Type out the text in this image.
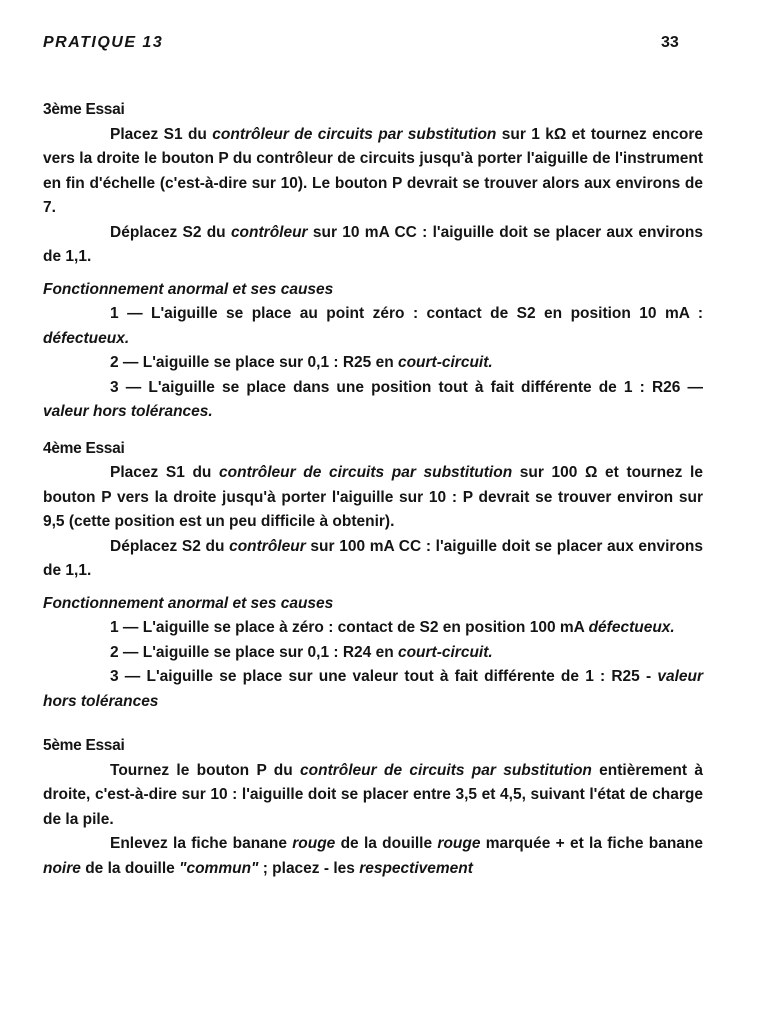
PRATIQUE 13	33
3ème Essai

Placez S1 du contrôleur de circuits par substitution sur 1 kΩ et tournez encore vers la droite le bouton P du contrôleur de circuits jusqu'à porter l'aiguille de l'instrument en fin d'échelle (c'est-à-dire sur 10). Le bouton P devrait se trouver alors aux environs de 7.

Déplacez S2 du contrôleur sur 10 mA CC : l'aiguille doit se placer aux environs de 1,1.

Fonctionnement anormal et ses causes

1 — L'aiguille se place au point zéro : contact de S2 en position 10 mA : défectueux.

2 — L'aiguille se place sur 0,1 : R25 en court-circuit.

3 — L'aiguille se place dans une position tout à fait différente de 1 : R26 — valeur hors tolérances.

4ème Essai

Placez S1 du contrôleur de circuits par substitution sur 100 Ω et tournez le bouton P vers la droite jusqu'à porter l'aiguille sur 10 : P devrait se trouver environ sur 9,5 (cette position est un peu difficile à obtenir).

Déplacez S2 du contrôleur sur 100 mA CC : l'aiguille doit se placer aux environs de 1,1.

Fonctionnement anormal et ses causes

1 — L'aiguille se place à zéro : contact de S2 en position 100 mA défectueux.

2 — L'aiguille se place sur 0,1 : R24 en court-circuit.

3 — L'aiguille se place sur une valeur tout à fait différente de 1 : R25 - valeur hors tolérances

5ème Essai

Tournez le bouton P du contrôleur de circuits par substitution entièrement à droite, c'est-à-dire sur 10 : l'aiguille doit se placer entre 3,5 et 4,5, suivant l'état de charge de la pile.

Enlevez la fiche banane rouge de la douille rouge marquée + et la fiche banane noire de la douille "commun" ; placez - les respectivement
